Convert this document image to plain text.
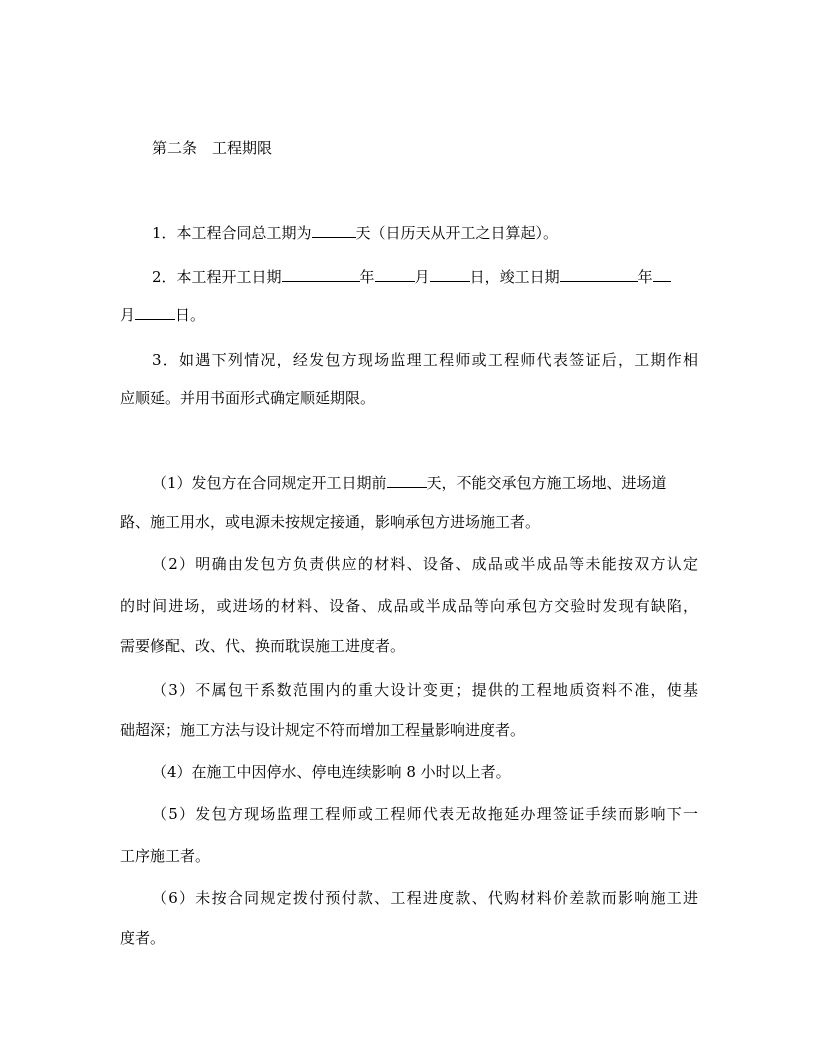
第二条　工程期限
1．本工程合同总工期为	天（日历天从开工之日算起）。
2．本工程开工日期	年	月	日，竣工日期	年
月	日。
3．如遇下列情况，经发包方现场监理工程师或工程师代表签证后，工期作相
应顺延。并用书面形式确定顺延期限。
（1）发包方在合同规定开工日期前	天，不能交承包方施工场地、进场道
路、施工用水，或电源未按规定接通，影响承包方进场施工者。
（2）明确由发包方负责供应的材料、设备、成品或半成品等未能按双方认定
的时间进场，或进场的材料、设备、成品或半成品等向承包方交验时发现有缺陷，
需要修配、改、代、换而耽误施工进度者。
（3）不属包干系数范围内的重大设计变更；提供的工程地质资料不准，使基
础超深；施工方法与设计规定不符而增加工程量影响进度者。
（4）在施工中因停水、停电连续影响 8 小时以上者。
（5）发包方现场监理工程师或工程师代表无故拖延办理签证手续而影响下一
工序施工者。
（6）未按合同规定拨付预付款、工程进度款、代购材料价差款而影响施工进
度者。
